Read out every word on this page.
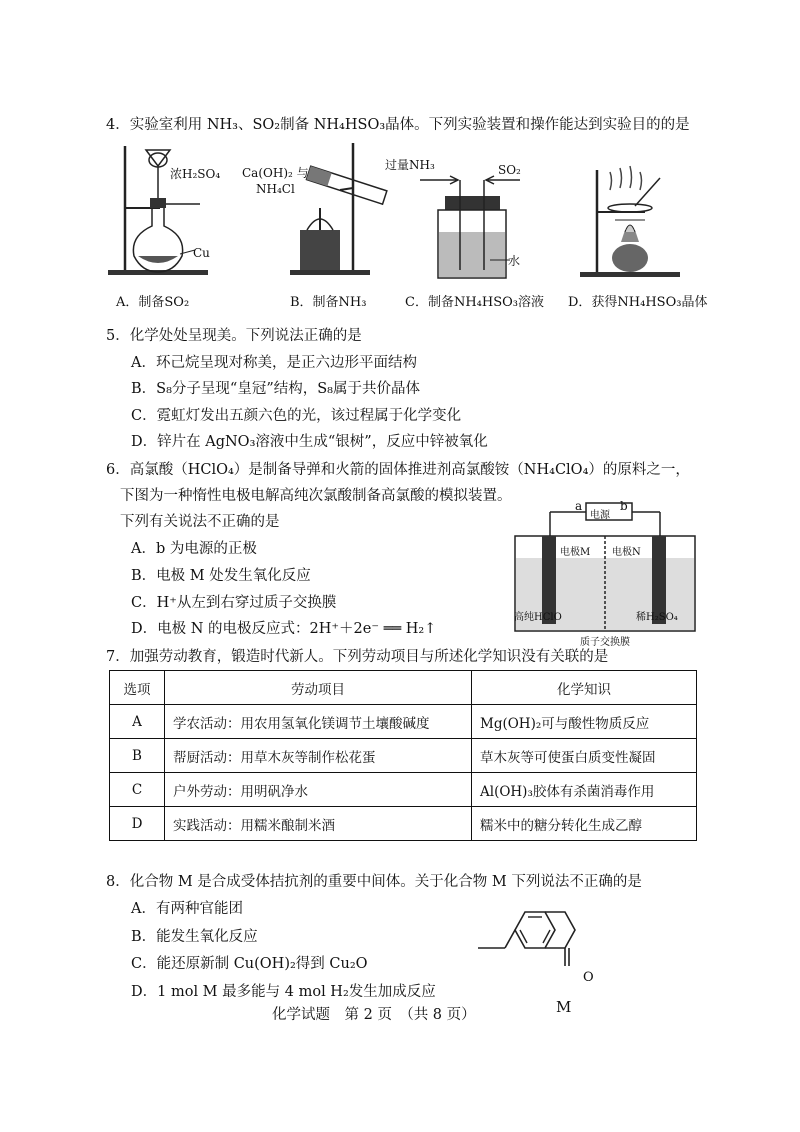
4．实验室利用 NH₃、SO₂制备 NH₄HSO₃晶体。下列实验装置和操作能达到实验目的的是
浓H₂SO₄
Cu
Ca(OH)₂ 与
NH₄Cl
过量NH₃	SO₂
水
A．制备SO₂	B．制备NH₃	C．制备NH₄HSO₃溶液 D．获得NH₄HSO₃晶体
5．化学处处呈现美。下列说法正确的是
A．环己烷呈现对称美，是正六边形平面结构
B．S₈分子呈现“皇冠”结构，S₈属于共价晶体
C．霓虹灯发出五颜六色的光，该过程属于化学变化
D．锌片在 AgNO₃溶液中生成“银树”，反应中锌被氧化
6．高氯酸（HClO₄）是制备导弹和火箭的固体推进剂高氯酸铵（NH₄ClO₄）的原料之一，
下图为一种惰性电极电解高纯次氯酸制备高氯酸的模拟装置。
下列有关说法不正确的是
A．b 为电源的正极
B．电极 M 处发生氧化反应
C．H⁺从左到右穿过质子交换膜
D．电极 N 的电极反应式：2H⁺＋2e⁻ ══ H₂↑
a	b
电源
电极M 电极N
高纯HClO	稀H₂SO₄
质子交换膜
7．加强劳动教育，锻造时代新人。下列劳动项目与所述化学知识没有关联的是
选项	劳动项目	化学知识
A	学农活动：用农用氢氧化镁调节土壤酸碱度	Mg(OH)₂可与酸性物质反应
B	帮厨活动：用草木灰等制作松花蛋	草木灰等可使蛋白质变性凝固
C	户外劳动：用明矾净水	Al(OH)₃胶体有杀菌消毒作用
D	实践活动：用糯米酿制米酒	糯米中的糖分转化生成乙醇
8．化合物 M 是合成受体拮抗剂的重要中间体。关于化合物 M 下列说法不正确的是
A．有两种官能团
B．能发生氧化反应
C．能还原新制 Cu(OH)₂得到 Cu₂O
D．1 mol M 最多能与 4 mol H₂发生加成反应
O
M
化学试题　第 2 页　（共 8 页）
